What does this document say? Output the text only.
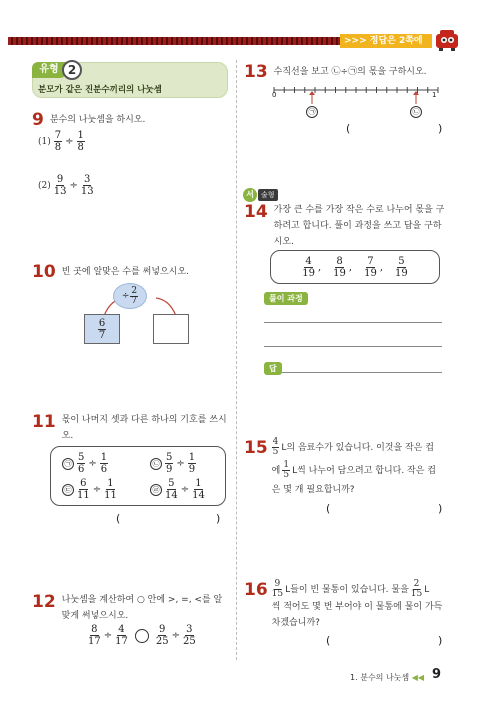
>>> 정답은 2쪽에
유형 2
분모가 같은 진분수끼리의 나눗셈
9 분수의 나눗셈을 하시오.
$(1) \frac{7}{8} \div \frac{1}{8}$
$(2) \frac{9}{13} \div \frac{3}{13}$
10 빈 곳에 알맞은 수를 써넣으시오.
÷ $\frac{2}{7}$
$\frac{6}{7}$
11 몫이 나머지 셋과 다른 하나의 기호를 쓰시
오.
㉠ $\frac{5}{6} \div \frac{1}{6}$	㉡ $\frac{5}{9} \div \frac{1}{9}$
㉢ $\frac{6}{11} \div \frac{1}{11}$	㉣ $\frac{5}{14} \div \frac{1}{14}$
(	)
12 나눗셈을 계산하여 ○ 안에 >, =, <를 알
맞게 써넣으시오.
$\frac{8}{17} \div \frac{4}{17}$	$\frac{9}{25} \div \frac{3}{25}$
13 수직선을 보고 ㉡÷㉠의 몫을 구하시오.
0	1
㉠	㉡
(	)
서	술형
14 가장 큰 수를 가장 작은 수로 나누어 몫을 구
하려고 합니다. 풀이 과정을 쓰고 답을 구하
시오.
$\frac{4}{19}$ , $\frac{8}{19}$ , $\frac{7}{19}$ , $\frac{5}{19}$
풀이 과정
답
$15 \frac{4}{5}$ L의 음료수가 있습니다. 이것을 작은 컵
에 $\frac{1}{5}$ L씩 나누어 담으려고 합니다. 작은 컵
은 몇 개 필요합니까?
(	)
$16 \frac{9}{15}$ L들이 빈 물통이 있습니다. 물을 $\frac{2}{15}$ L
씩 적어도 몇 번 부어야 이 물통에 물이 가득
차겠습니까?
(	)
1. 분수의 나눗셈 ◀◀ 9
